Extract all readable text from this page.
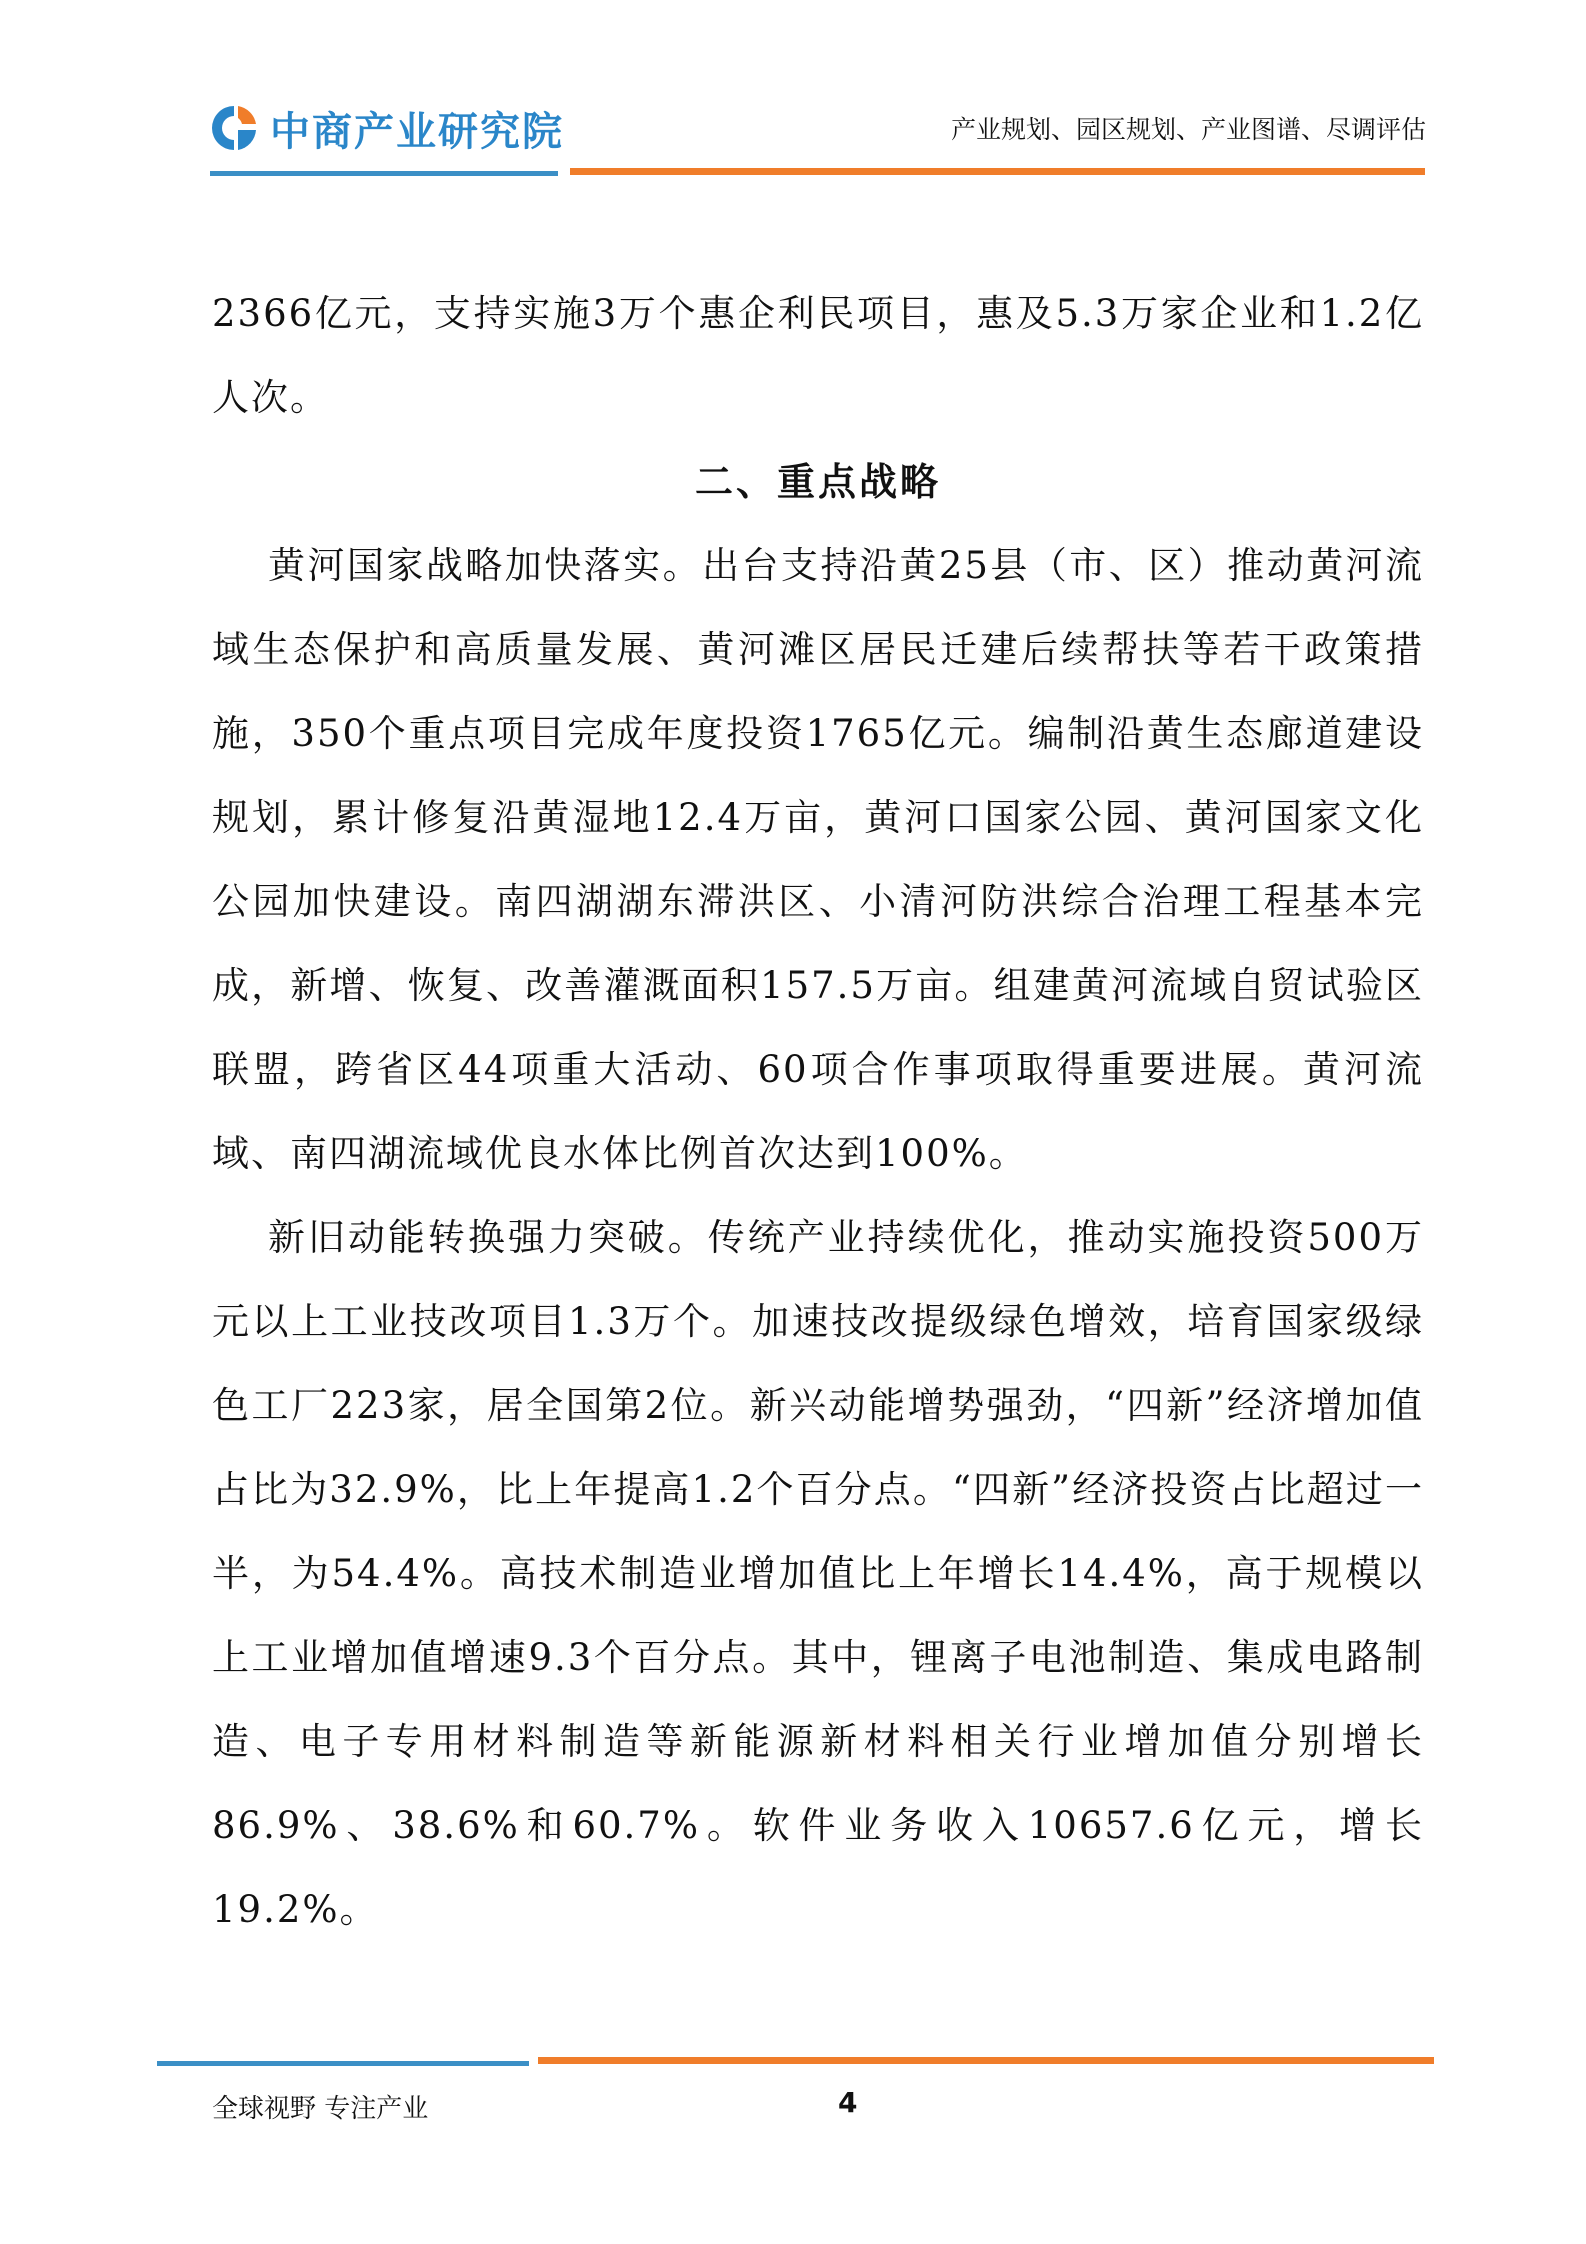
中商产业研究院	产业规划、园区规划、产业图谱、尽调评估

2366亿元，支持实施3万个惠企利民项目，惠及5.3万家企业和1.2亿人次。

二、重点战略

黄河国家战略加快落实。出台支持沿黄25县（市、区）推动黄河流域生态保护和高质量发展、黄河滩区居民迁建后续帮扶等若干政策措施，350个重点项目完成年度投资1765亿元。编制沿黄生态廊道建设规划，累计修复沿黄湿地12.4万亩，黄河口国家公园、黄河国家文化公园加快建设。南四湖湖东滞洪区、小清河防洪综合治理工程基本完成，新增、恢复、改善灌溉面积157.5万亩。组建黄河流域自贸试验区联盟，跨省区44项重大活动、60项合作事项取得重要进展。黄河流域、南四湖流域优良水体比例首次达到100%。

新旧动能转换强力突破。传统产业持续优化，推动实施投资500万元以上工业技改项目1.3万个。加速技改提级绿色增效，培育国家级绿色工厂223家，居全国第2位。新兴动能增势强劲，“四新”经济增加值占比为32.9%，比上年提高1.2个百分点。“四新”经济投资占比超过一半，为54.4%。高技术制造业增加值比上年增长14.4%，高于规模以上工业增加值增速9.3个百分点。其中，锂离子电池制造、集成电路制造、电子专用材料制造等新能源新材料相关行业增加值分别增长86.9%、38.6%和60.7%。软件业务收入10657.6亿元，增长19.2%。

全球视野 专注产业	4
